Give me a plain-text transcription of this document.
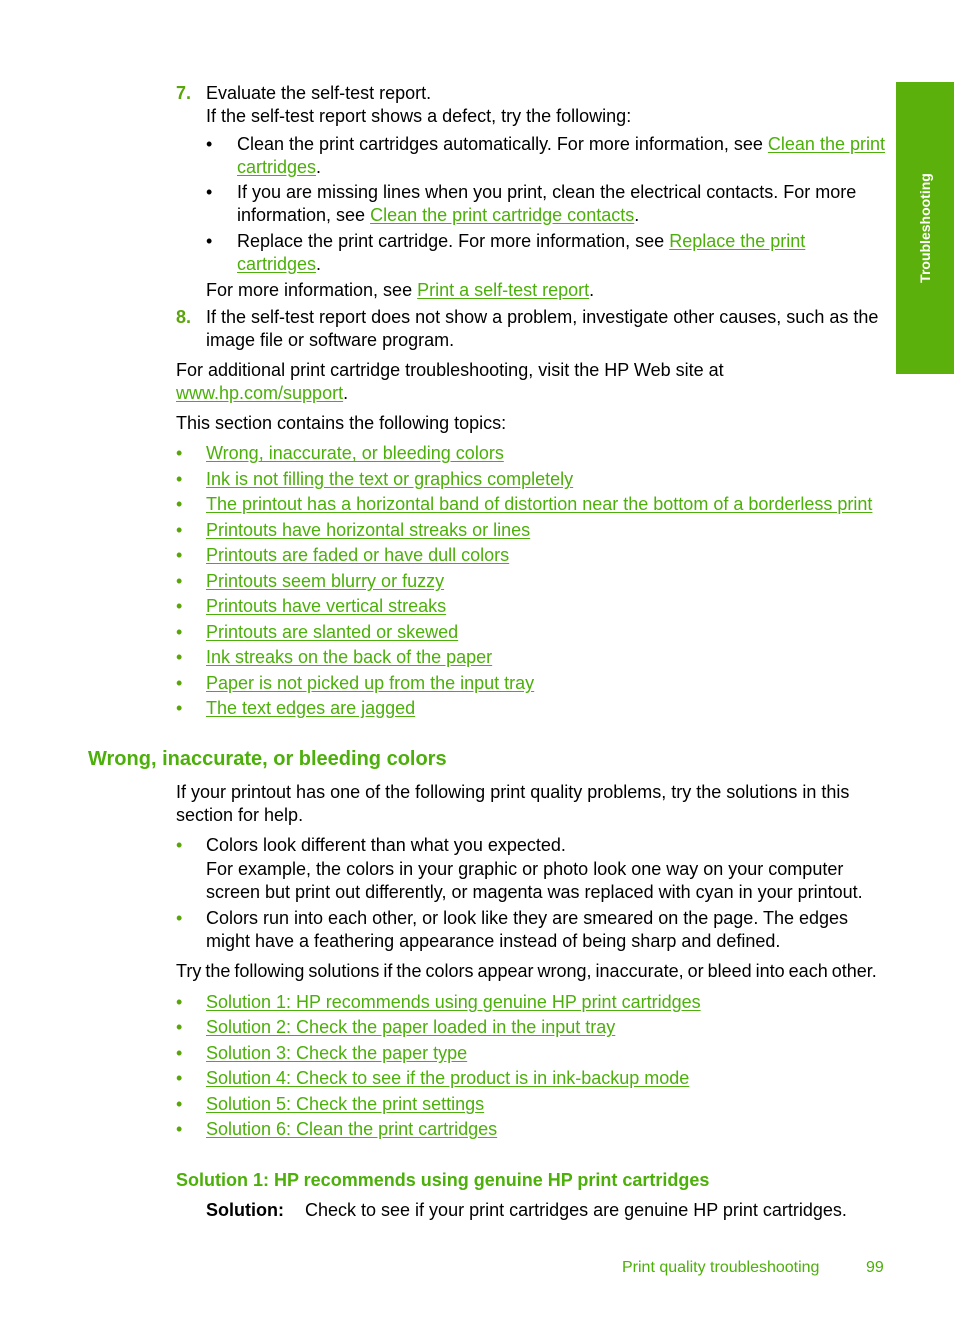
Troubleshooting
7. Evaluate the self-test report.
If the self-test report shows a defect, try the following:
• Clean the print cartridges automatically. For more information, see Clean the print cartridges.
• If you are missing lines when you print, clean the electrical contacts. For more information, see Clean the print cartridge contacts.
• Replace the print cartridge. For more information, see Replace the print cartridges.
For more information, see Print a self-test report.
8. If the self-test report does not show a problem, investigate other causes, such as the image file or software program.
For additional print cartridge troubleshooting, visit the HP Web site at www.hp.com/support.
This section contains the following topics:
• Wrong, inaccurate, or bleeding colors
• Ink is not filling the text or graphics completely
• The printout has a horizontal band of distortion near the bottom of a borderless print
• Printouts have horizontal streaks or lines
• Printouts are faded or have dull colors
• Printouts seem blurry or fuzzy
• Printouts have vertical streaks
• Printouts are slanted or skewed
• Ink streaks on the back of the paper
• Paper is not picked up from the input tray
• The text edges are jagged
Wrong, inaccurate, or bleeding colors
If your printout has one of the following print quality problems, try the solutions in this section for help.
• Colors look different than what you expected.
For example, the colors in your graphic or photo look one way on your computer screen but print out differently, or magenta was replaced with cyan in your printout.
• Colors run into each other, or look like they are smeared on the page. The edges might have a feathering appearance instead of being sharp and defined.
Try the following solutions if the colors appear wrong, inaccurate, or bleed into each other.
• Solution 1: HP recommends using genuine HP print cartridges
• Solution 2: Check the paper loaded in the input tray
• Solution 3: Check the paper type
• Solution 4: Check to see if the product is in ink-backup mode
• Solution 5: Check the print settings
• Solution 6: Clean the print cartridges
Solution 1: HP recommends using genuine HP print cartridges
Solution: Check to see if your print cartridges are genuine HP print cartridges.
Print quality troubleshooting	99
